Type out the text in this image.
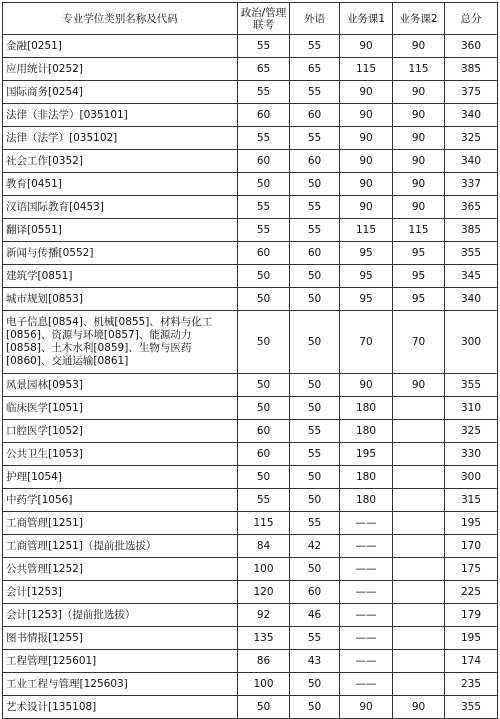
专业学位类别名称及代码	政治/管理联考	外语	业务课1	业务课2	总分
金融[0251]	55	55	90	90	360
应用统计[0252]	65	65	115	115	385
国际商务[0254]	55	55	90	90	375
法律（非法学）[035101]	60	60	90	90	340
法律（法学）[035102]	55	55	90	90	325
社会工作[0352]	60	60	90	90	340
教育[0451]	50	50	90	90	337
汉语国际教育[0453]	55	55	90	90	365
翻译[0551]	55	55	115	115	385
新闻与传播[0552]	60	60	95	95	355
建筑学[0851]	50	50	95	95	345
城市规划[0853]	50	50	95	95	340
电子信息[0854]、机械[0855]、材料与化工[0856]、资源与环境[0857]、能源动力[0858]、土木水利[0859]、生物与医药[0860]、交通运输[0861]	50	50	70	70	300
风景园林[0953]	50	50	90	90	355
临床医学[1051]	50	50	180		310
口腔医学[1052]	60	55	180		325
公共卫生[1053]	60	55	195		330
护理[1054]	50	50	180		300
中药学[1056]	55	50	180		315
工商管理[1251]	115	55	——		195
工商管理[1251]（提前批选拔）	84	42	——		170
公共管理[1252]	100	50	——		175
会计[1253]	120	60	——		225
会计[1253]（提前批选拔）	92	46	——		179
图书情报[1255]	135	55	——		195
工程管理[125601]	86	43	——		174
工业工程与管理[125603]	100	50	——		235
艺术设计[135108]	50	50	90	90	355
